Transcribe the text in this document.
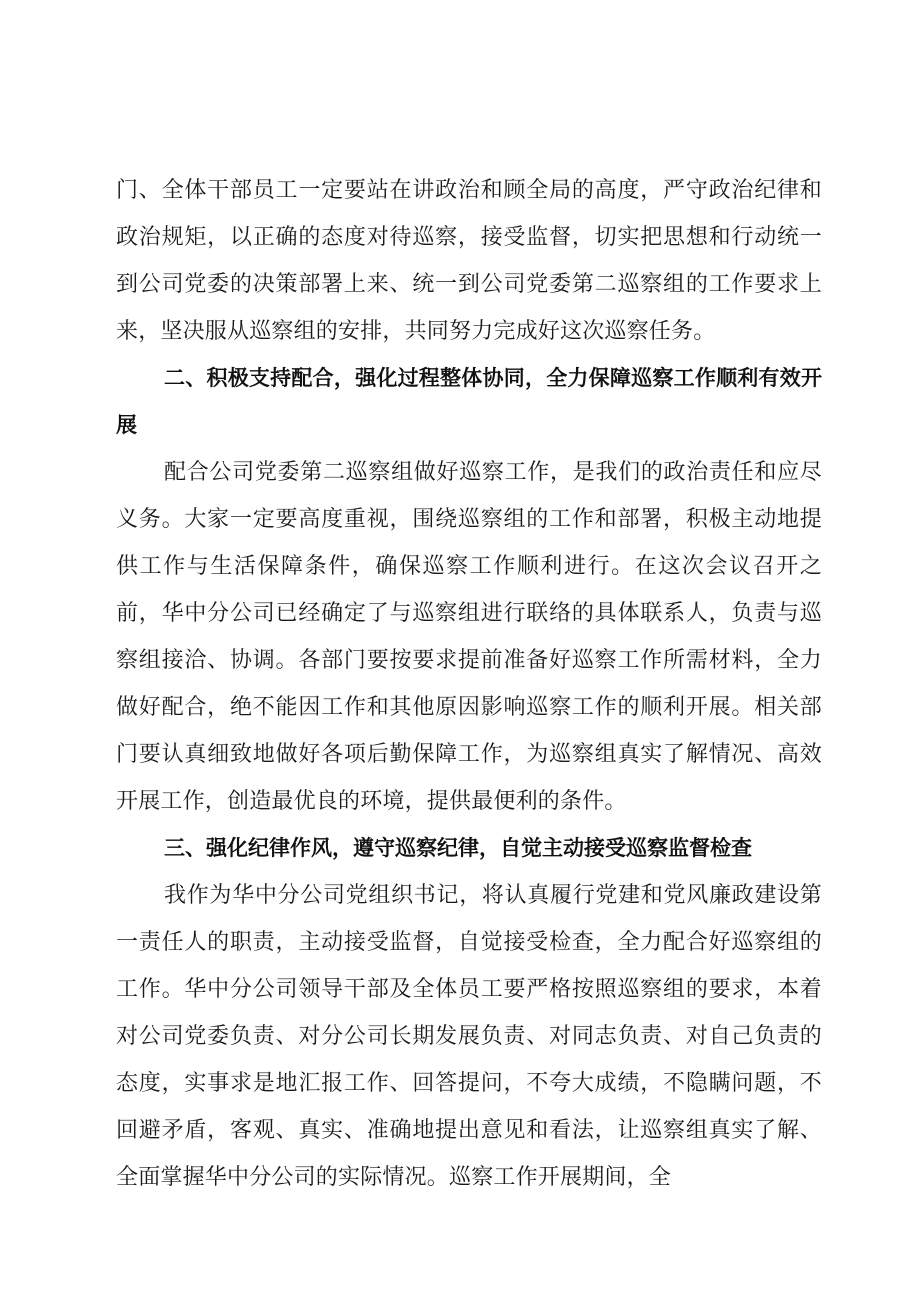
门、全体干部员工一定要站在讲政治和顾全局的高度，严守政治纪律和政治规矩，以正确的态度对待巡察，接受监督，切实把思想和行动统一到公司党委的决策部署上来、统一到公司党委第二巡察组的工作要求上来，坚决服从巡察组的安排，共同努力完成好这次巡察任务。

二、积极支持配合，强化过程整体协同，全力保障巡察工作顺利有效开展

配合公司党委第二巡察组做好巡察工作，是我们的政治责任和应尽义务。大家一定要高度重视，围绕巡察组的工作和部署，积极主动地提供工作与生活保障条件，确保巡察工作顺利进行。在这次会议召开之前，华中分公司已经确定了与巡察组进行联络的具体联系人，负责与巡察组接洽、协调。各部门要按要求提前准备好巡察工作所需材料，全力做好配合，绝不能因工作和其他原因影响巡察工作的顺利开展。相关部门要认真细致地做好各项后勤保障工作，为巡察组真实了解情况、高效开展工作，创造最优良的环境，提供最便利的条件。

三、强化纪律作风，遵守巡察纪律，自觉主动接受巡察监督检查

我作为华中分公司党组织书记，将认真履行党建和党风廉政建设第一责任人的职责，主动接受监督，自觉接受检查，全力配合好巡察组的工作。华中分公司领导干部及全体员工要严格按照巡察组的要求，本着对公司党委负责、对分公司长期发展负责、对同志负责、对自己负责的态度，实事求是地汇报工作、回答提问，不夸大成绩，不隐瞒问题，不回避矛盾，客观、真实、准确地提出意见和看法，让巡察组真实了解、全面掌握华中分公司的实际情况。巡察工作开展期间，全
